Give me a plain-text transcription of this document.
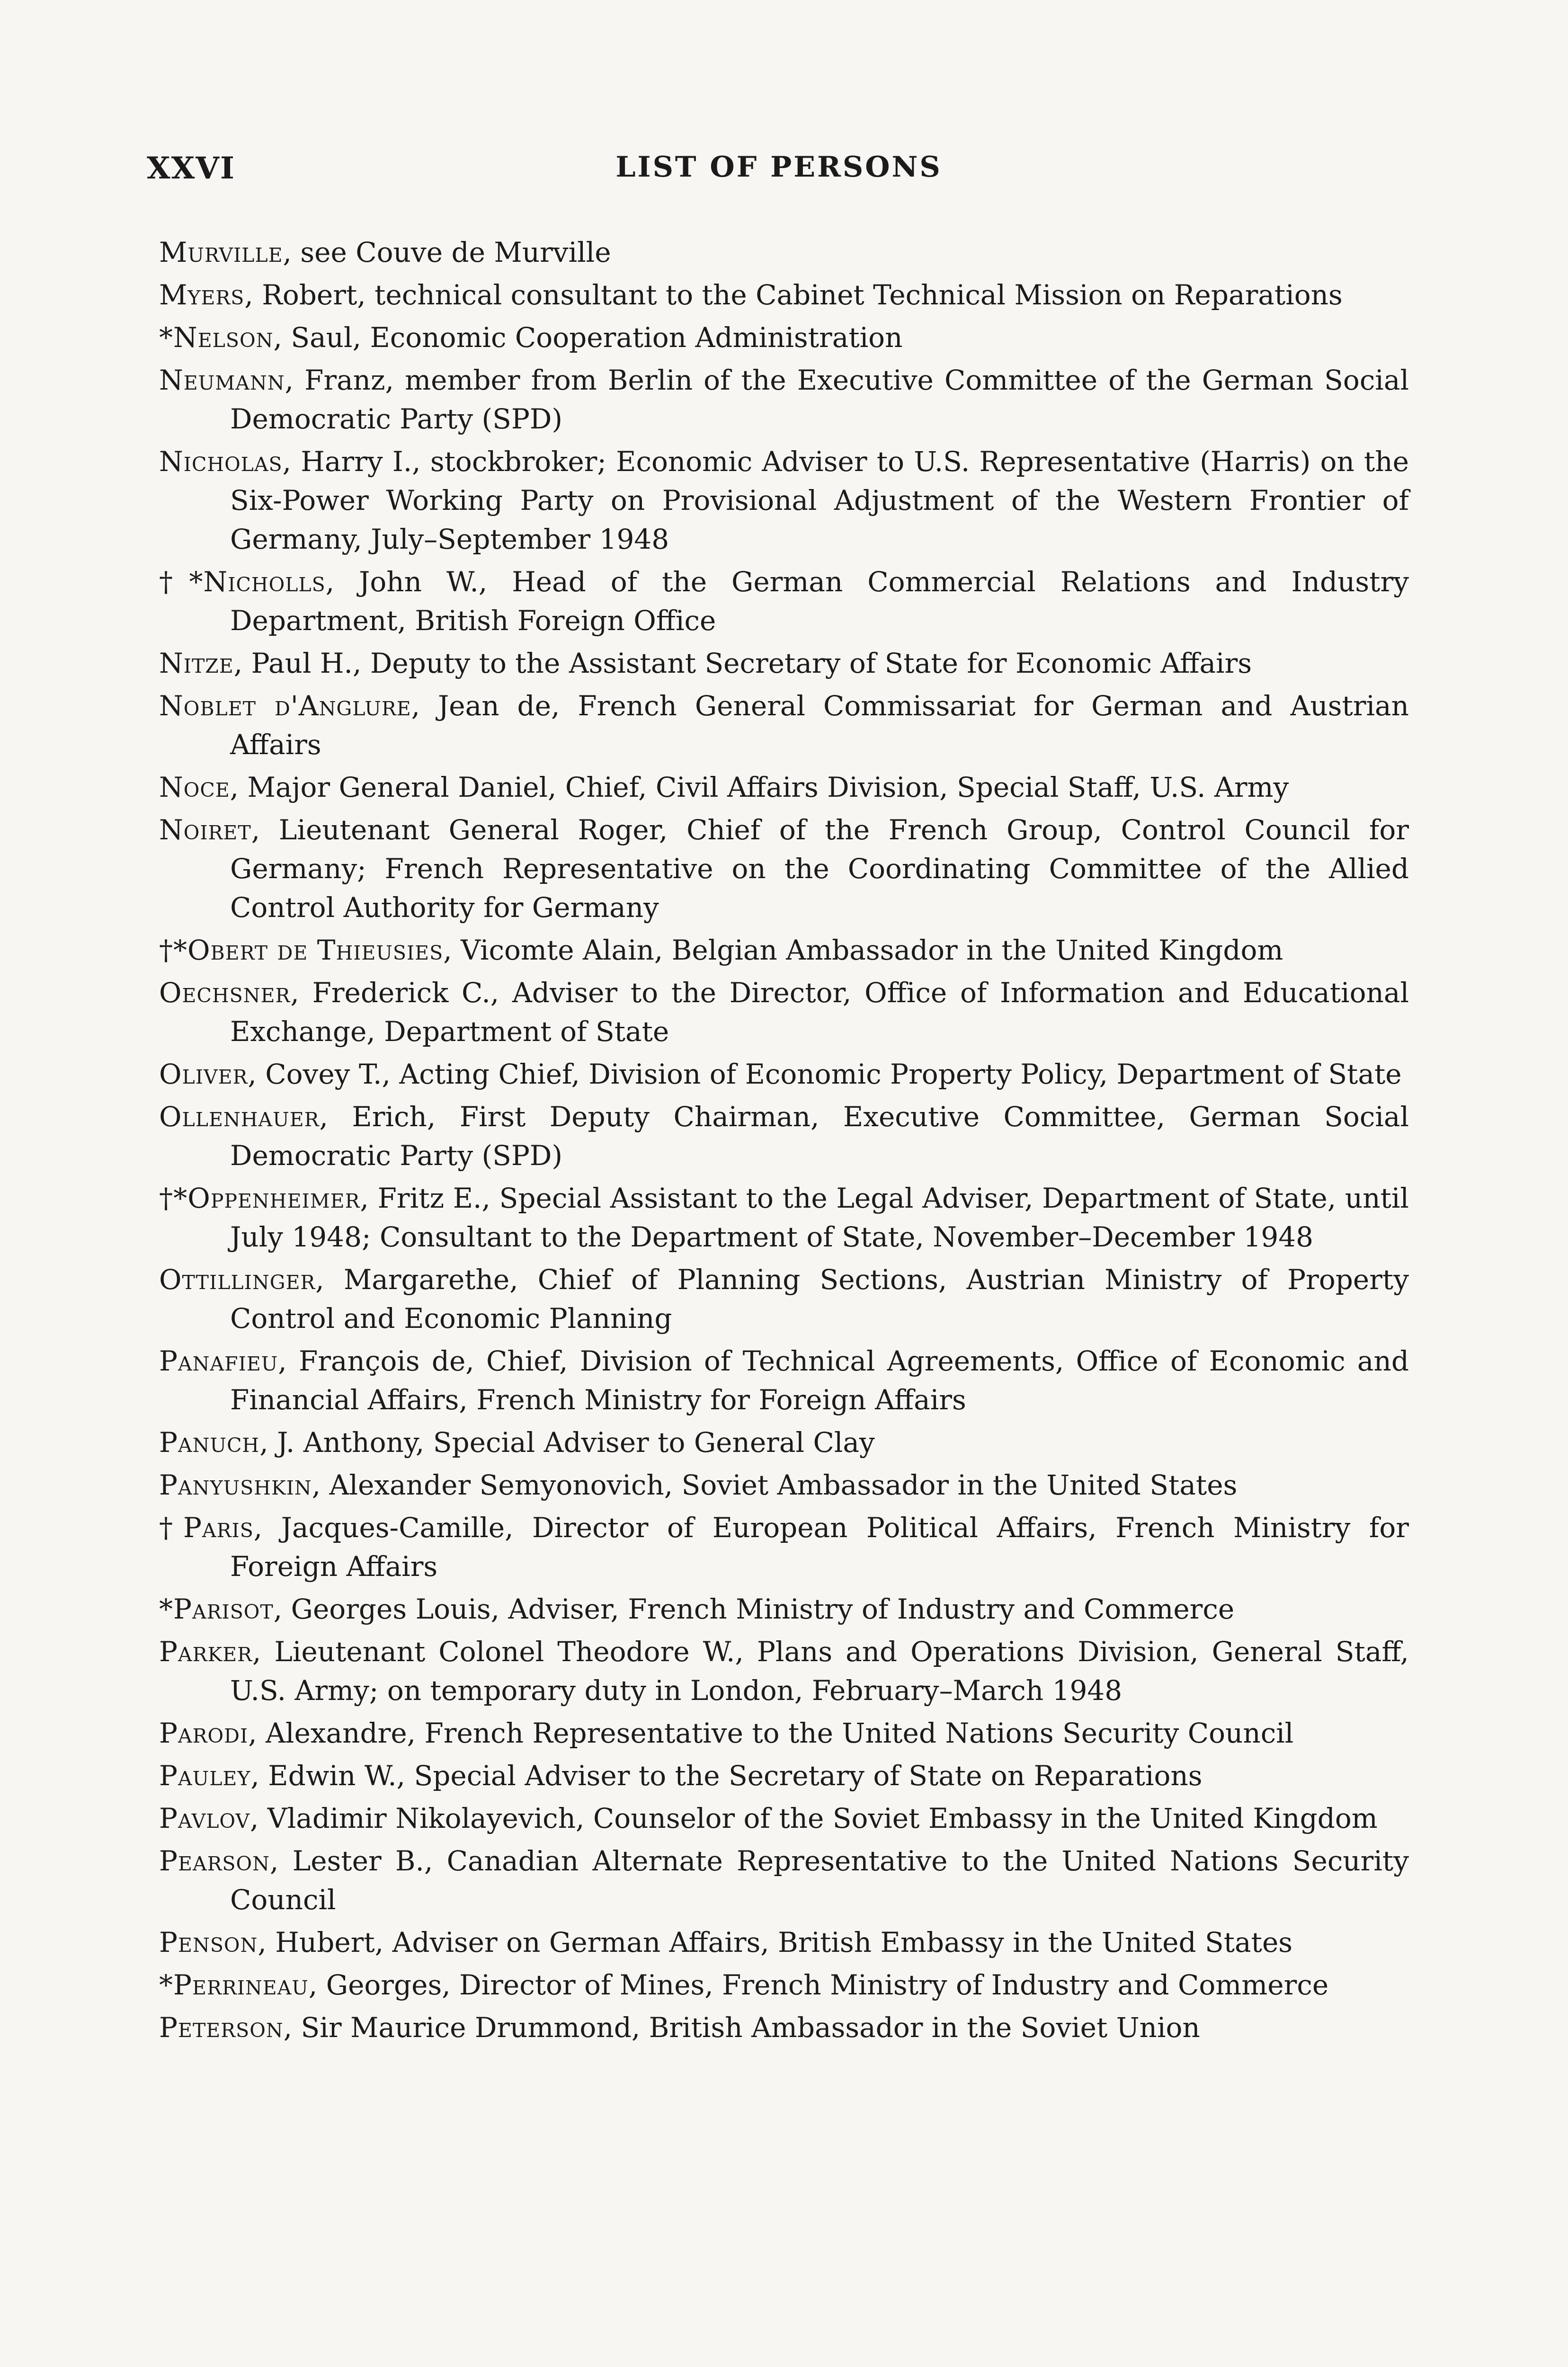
XXVI	LIST OF PERSONS
Murville, see Couve de Murville
Myers, Robert, technical consultant to the Cabinet Technical Mission on Reparations
*Nelson, Saul, Economic Cooperation Administration
Neumann, Franz, member from Berlin of the Executive Committee of the German Social Democratic Party (SPD)
Nicholas, Harry I., stockbroker; Economic Adviser to U.S. Representative (Harris) on the Six-Power Working Party on Provisional Adjustment of the Western Frontier of Germany, July–September 1948
†*Nicholls, John W., Head of the German Commercial Relations and Industry Department, British Foreign Office
Nitze, Paul H., Deputy to the Assistant Secretary of State for Economic Affairs
Noblet d'Anglure, Jean de, French General Commissariat for German and Austrian Affairs
Noce, Major General Daniel, Chief, Civil Affairs Division, Special Staff, U.S. Army
Noiret, Lieutenant General Roger, Chief of the French Group, Control Council for Germany; French Representative on the Coordinating Committee of the Allied Control Authority for Germany
†*Obert de Thieusies, Vicomte Alain, Belgian Ambassador in the United Kingdom
Oechsner, Frederick C., Adviser to the Director, Office of Information and Educational Exchange, Department of State
Oliver, Covey T., Acting Chief, Division of Economic Property Policy, Department of State
Ollenhauer, Erich, First Deputy Chairman, Executive Committee, German Social Democratic Party (SPD)
†*Oppenheimer, Fritz E., Special Assistant to the Legal Adviser, Department of State, until July 1948; Consultant to the Department of State, November–December 1948
Ottillinger, Margarethe, Chief of Planning Sections, Austrian Ministry of Property Control and Economic Planning
Panafieu, François de, Chief, Division of Technical Agreements, Office of Economic and Financial Affairs, French Ministry for Foreign Affairs
Panuch, J. Anthony, Special Adviser to General Clay
Panyushkin, Alexander Semyonovich, Soviet Ambassador in the United States
†Paris, Jacques-Camille, Director of European Political Affairs, French Ministry for Foreign Affairs
*Parisot, Georges Louis, Adviser, French Ministry of Industry and Commerce
Parker, Lieutenant Colonel Theodore W., Plans and Operations Division, General Staff, U.S. Army; on temporary duty in London, February–March 1948
Parodi, Alexandre, French Representative to the United Nations Security Council
Pauley, Edwin W., Special Adviser to the Secretary of State on Reparations
Pavlov, Vladimir Nikolayevich, Counselor of the Soviet Embassy in the United Kingdom
Pearson, Lester B., Canadian Alternate Representative to the United Nations Security Council
Penson, Hubert, Adviser on German Affairs, British Embassy in the United States
*Perrineau, Georges, Director of Mines, French Ministry of Industry and Commerce
Peterson, Sir Maurice Drummond, British Ambassador in the Soviet Union
